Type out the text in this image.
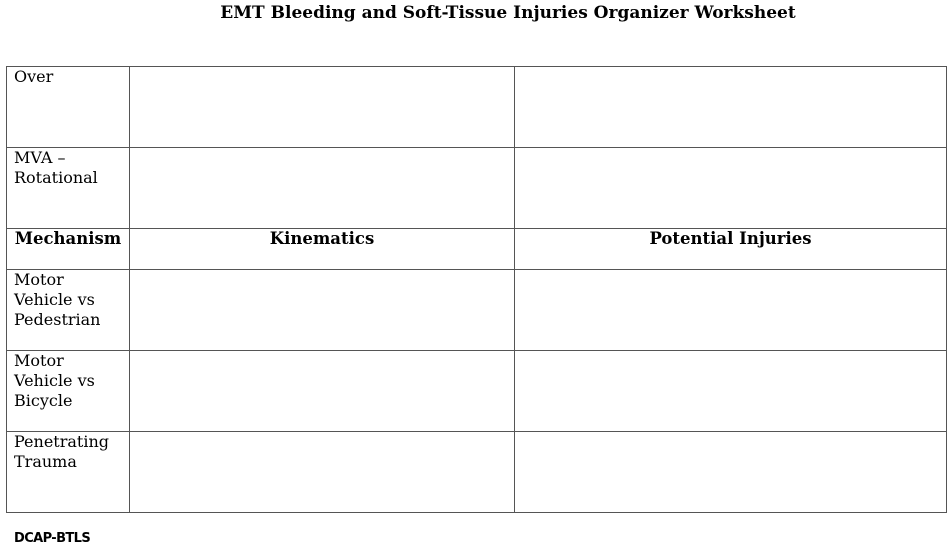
EMT Bleeding and Soft-Tissue Injuries Organizer Worksheet
Over		
MVA – Rotational		
Mechanism	Kinematics	Potential Injuries
Motor Vehicle vs Pedestrian		
Motor Vehicle vs Bicycle		
Penetrating Trauma		
DCAP-BTLS
